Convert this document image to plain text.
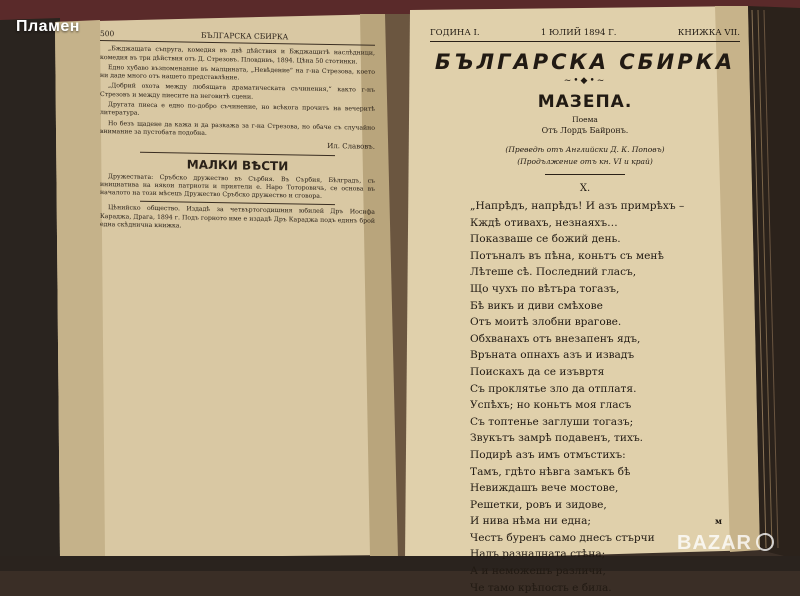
Пламен	500	БЪЛГАРСКА СБИРКА

„Бжджащата съпруга, комедия въ двѣ дѣйствия и Бжджащитѣ наслѣдници, комедия въ три дѣйствия отъ Д. Стрезовъ. Пловдивъ, 1894. Цѣна 50 стотинки.

Едно хубаво възпоменание въ малцината, „Невѣдение“ на г-на Стрезова, което ни даде много отъ нашето представлѣние.

„Добрий охота между любящата драматическата съчинения,“ както г-нъ Стрезовъ и между пиесите на неговитѣ сцени.

Другата пиеса е едно по-добро съчинение, но всѣкога прочитъ на вечеритѣ литература.

Но безъ щадене да кажа и да разкажа за г-на Стрезова, но обаче съ случайно внимание за пустобата подобна.

Ил. Славовъ.
МАЛКИ ВѢСТИ

Дружествата: Сръбско дружество въ Сърбия. Въ Сърбия, Бѣлградъ, съ инициатива на някои патриоти и приятели е. Наро Тоторовичь, се основа въ началото на този мѣсецъ Дружество Сръбско дружество и сговора.

Цѣнийско общество. Издадѣ за четвъртогодишния юбилей Дръ Иосифа Караджа, Драга, 1894 г. Подъ горното име е издадѣ Дръ Караджа подъ единъ брой една скѣднична книжка.

ГОДИНА I.	1 ЮЛИЙ 1894 Г.	КНИЖКА VII.
БЪЛГАРСКА СБИРКА
~•◆•~
МАЗЕПА.
Поема
Отъ Лордъ Байронъ.
(Преведѣ отъ Английски Д. К. Поповъ)
(Продължение отъ кн. VI и край)
X.
„Напрѣдъ, напрѣдъ! И азъ примрѣхъ –
Кждѣ отивахъ, незнаяхъ…
Показваше се божий день.
Потъналъ въ пѣна, коньтъ съ менѣ
Лѣтеше сѣ. Последний гласъ,
Що чухъ по вѣтъра тогазъ,
Бѣ викъ и диви смѣхове
Отъ моитѣ злобни врагове.
Обхванахъ отъ внезапенъ ядъ,
Връната опнахъ азъ и извадъ
Поискахъ да се изъвртя
Съ проклятье зло да отплатя.
Успѣхъ; но коньтъ моя гласъ
Съ топтенье заглуши тогазъ;
Звукътъ замрѣ подавенъ, тихъ.
Подирѣ азъ имъ отмъстихъ:
Тамъ, гдѣто нѣвга замъкъ бѣ
Невиждашъ вече мостове,
Решетки, ровъ и зидове,
И нива нѣма ни една;
Честъ буренъ само днесъ стърчи
Надъ разналната стѣна;
А и неможешъ различи,
Че тамо крѣпость е била.
м
BAZAR
